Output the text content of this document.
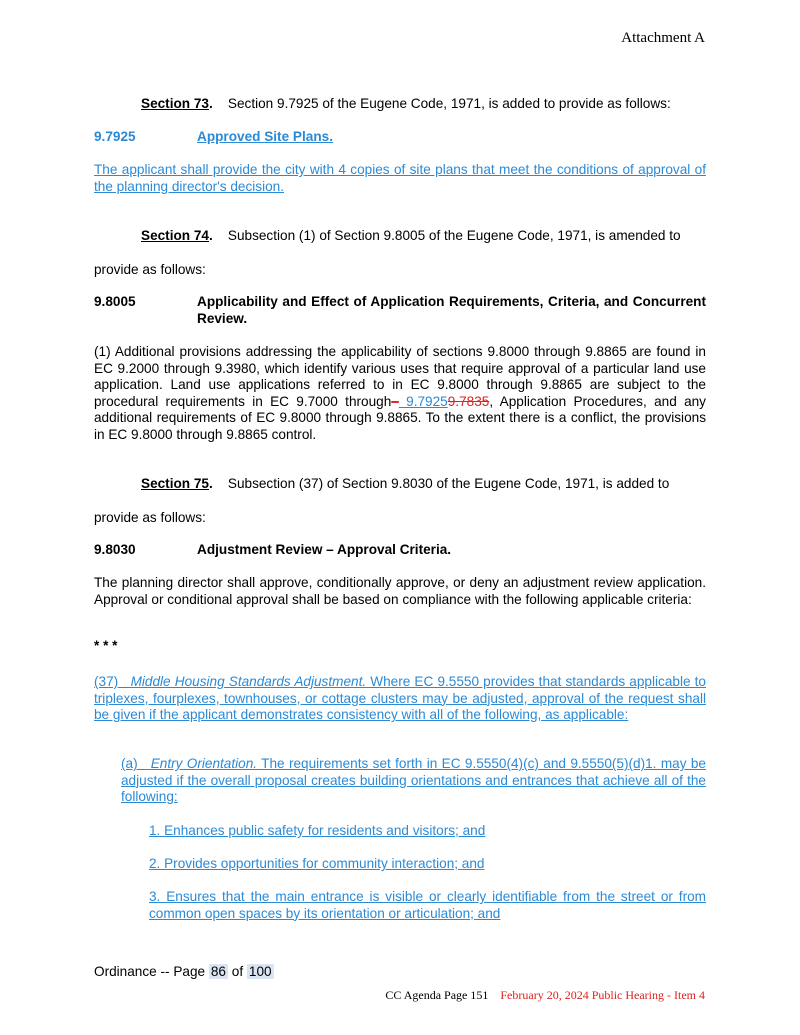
Attachment A
Section 73. Section 9.7925 of the Eugene Code, 1971, is added to provide as follows:
9.7925	Approved Site Plans.
The applicant shall provide the city with 4 copies of site plans that meet the conditions of approval of the planning director's decision.
Section 74. Subsection (1) of Section 9.8005 of the Eugene Code, 1971, is amended to
provide as follows:
9.8005	Applicability and Effect of Application Requirements, Criteria, and Concurrent Review.
(1) Additional provisions addressing the applicability of sections 9.8000 through 9.8865 are found in EC 9.2000 through 9.3980, which identify various uses that require approval of a particular land use application. Land use applications referred to in EC 9.8000 through 9.8865 are subject to the procedural requirements in EC 9.7000 through– 9.79259.7835, Application Procedures, and any additional requirements of EC 9.8000 through 9.8865. To the extent there is a conflict, the provisions in EC 9.8000 through 9.8865 control.
Section 75. Subsection (37) of Section 9.8030 of the Eugene Code, 1971, is added to
provide as follows:
9.8030	Adjustment Review – Approval Criteria.
The planning director shall approve, conditionally approve, or deny an adjustment review application. Approval or conditional approval shall be based on compliance with the following applicable criteria:
* * *
(37) Middle Housing Standards Adjustment. Where EC 9.5550 provides that standards applicable to triplexes, fourplexes, townhouses, or cottage clusters may be adjusted, approval of the request shall be given if the applicant demonstrates consistency with all of the following, as applicable:
(a) Entry Orientation. The requirements set forth in EC 9.5550(4)(c) and 9.5550(5)(d)1. may be adjusted if the overall proposal creates building orientations and entrances that achieve all of the following:
1. Enhances public safety for residents and visitors; and
2. Provides opportunities for community interaction; and
3. Ensures that the main entrance is visible or clearly identifiable from the street or from common open spaces by its orientation or articulation; and
Ordinance -- Page 86 of 100
CC Agenda Page 151 February 20, 2024 Public Hearing - Item 4
